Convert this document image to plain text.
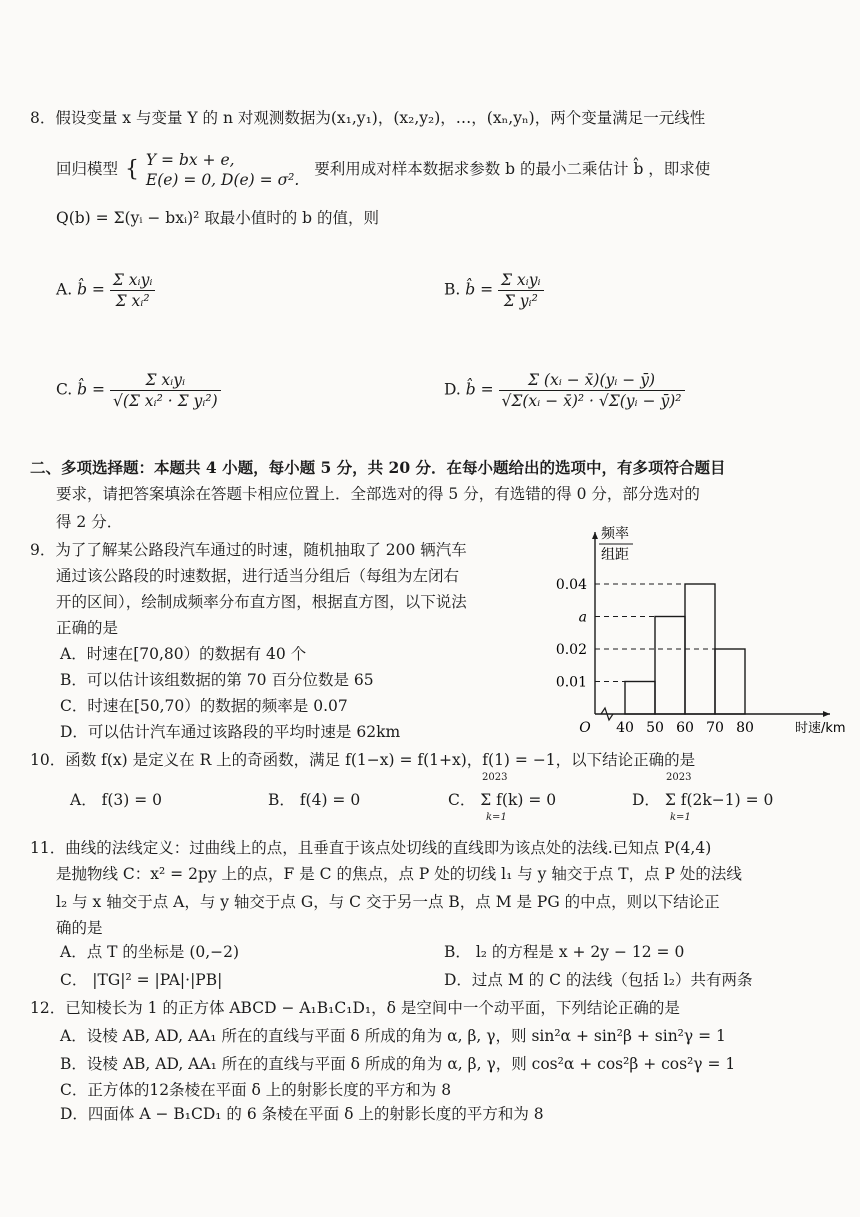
8．假设变量 x 与变量 Y 的 n 对观测数据为(x₁,y₁)，(x₂,y₂)，…，(xₙ,yₙ)，两个变量满足一元线性
回归模型 { Y = bx + e,
E(e) = 0, D(e) = σ².
要利用成对样本数据求参数 b 的最小二乘估计 b̂ ，即求使
Q(b) = Σ(yᵢ − bxᵢ)² 取最小值时的 b 的值，则
A. b̂ = $\frac{\text{Σ xᵢyᵢ}}{\text{Σ xᵢ²}}$	B. b̂ = $\frac{\text{Σ xᵢyᵢ}}{\text{Σ yᵢ²}}$
C. b̂ = $\frac{\text{Σ xᵢyᵢ}}{\text{√(Σ xᵢ² · Σ yᵢ²)}}$	D. b̂ = $\frac{\text{Σ (xᵢ − x̄)(yᵢ − ȳ)}}{\text{√Σ(xᵢ − x̄)² · √Σ(yᵢ − ȳ)²}}$
二、多项选择题：本题共 4 小题，每小题 5 分，共 20 分．在每小题给出的选项中，有多项符合题目
要求，请把答案填涂在答题卡相应位置上．全部选对的得 5 分，有选错的得 0 分，部分选对的
得 2 分．
9．为了了解某公路段汽车通过的时速，随机抽取了 200 辆汽车
通过该公路段的时速数据，进行适当分组后（每组为左闭右
开的区间），绘制成频率分布直方图，根据直方图，以下说法
正确的是
A．时速在[70,80）的数据有 40 个
B．可以估计该组数据的第 70 百分位数是 65
C．时速在[50,70）的数据的频率是 0.07
D．可以估计汽车通过该路段的平均时速是 62km
0.04
a
0.02
0.01
O 40 50 60 70 80
频率
组距
时速/km
10．函数 f(x) 是定义在 R 上的奇函数，满足 f(1−x) = f(1+x)，f(1) = −1，以下结论正确的是
A． f(3) = 0	B． f(4) = 0	C． Σ f(k) = 0
2023
k=1
D． Σ f(2k−1) = 0
2023
k=1
11．曲线的法线定义：过曲线上的点，且垂直于该点处切线的直线即为该点处的法线.已知点 P(4,4)
是抛物线 C：x² = 2py 上的点，F 是 C 的焦点，点 P 处的切线 l₁ 与 y 轴交于点 T，点 P 处的法线
l₂ 与 x 轴交于点 A，与 y 轴交于点 G，与 C 交于另一点 B，点 M 是 PG 的中点，则以下结论正
确的是
A．点 T 的坐标是 (0,−2)	B． l₂ 的方程是 x + 2y − 12 = 0
C． |TG|² = |PA|·|PB|	D．过点 M 的 C 的法线（包括 l₂）共有两条
12．已知棱长为 1 的正方体 ABCD − A₁B₁C₁D₁，δ 是空间中一个动平面，下列结论正确的是
A．设棱 AB, AD, AA₁ 所在的直线与平面 δ 所成的角为 α, β, γ，则 sin²α + sin²β + sin²γ = 1
B．设棱 AB, AD, AA₁ 所在的直线与平面 δ 所成的角为 α, β, γ，则 cos²α + cos²β + cos²γ = 1
C．正方体的12条棱在平面 δ 上的射影长度的平方和为 8
D．四面体 A − B₁CD₁ 的 6 条棱在平面 δ 上的射影长度的平方和为 8
